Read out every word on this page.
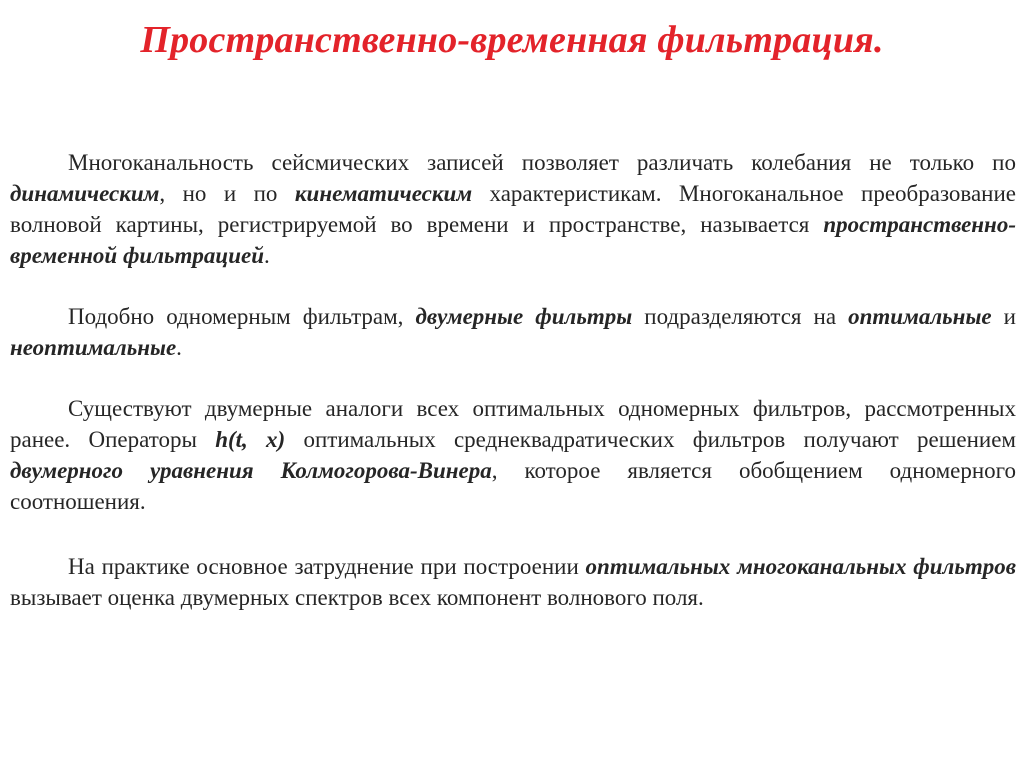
Пространственно-временная фильтрация.

Многоканальность сейсмических записей позволяет различать колебания не только по динамическим, но и по кинематическим характеристикам. Многоканальное преобразование волновой картины, регистрируемой во времени и пространстве, называется пространственно-временной фильтрацией.

Подобно одномерным фильтрам, двумерные фильтры подразделяются на оптимальные и неоптимальные.

Существуют двумерные аналоги всех оптимальных одномерных фильтров, рассмотренных ранее. Операторы h(t, x) оптимальных среднеквадратических фильтров получают решением двумерного уравнения Колмогорова-Винера, которое является обобщением одномерного соотношения.

На практике основное затруднение при построении оптимальных многоканальных фильтров вызывает оценка двумерных спектров всех компонент волнового поля.
